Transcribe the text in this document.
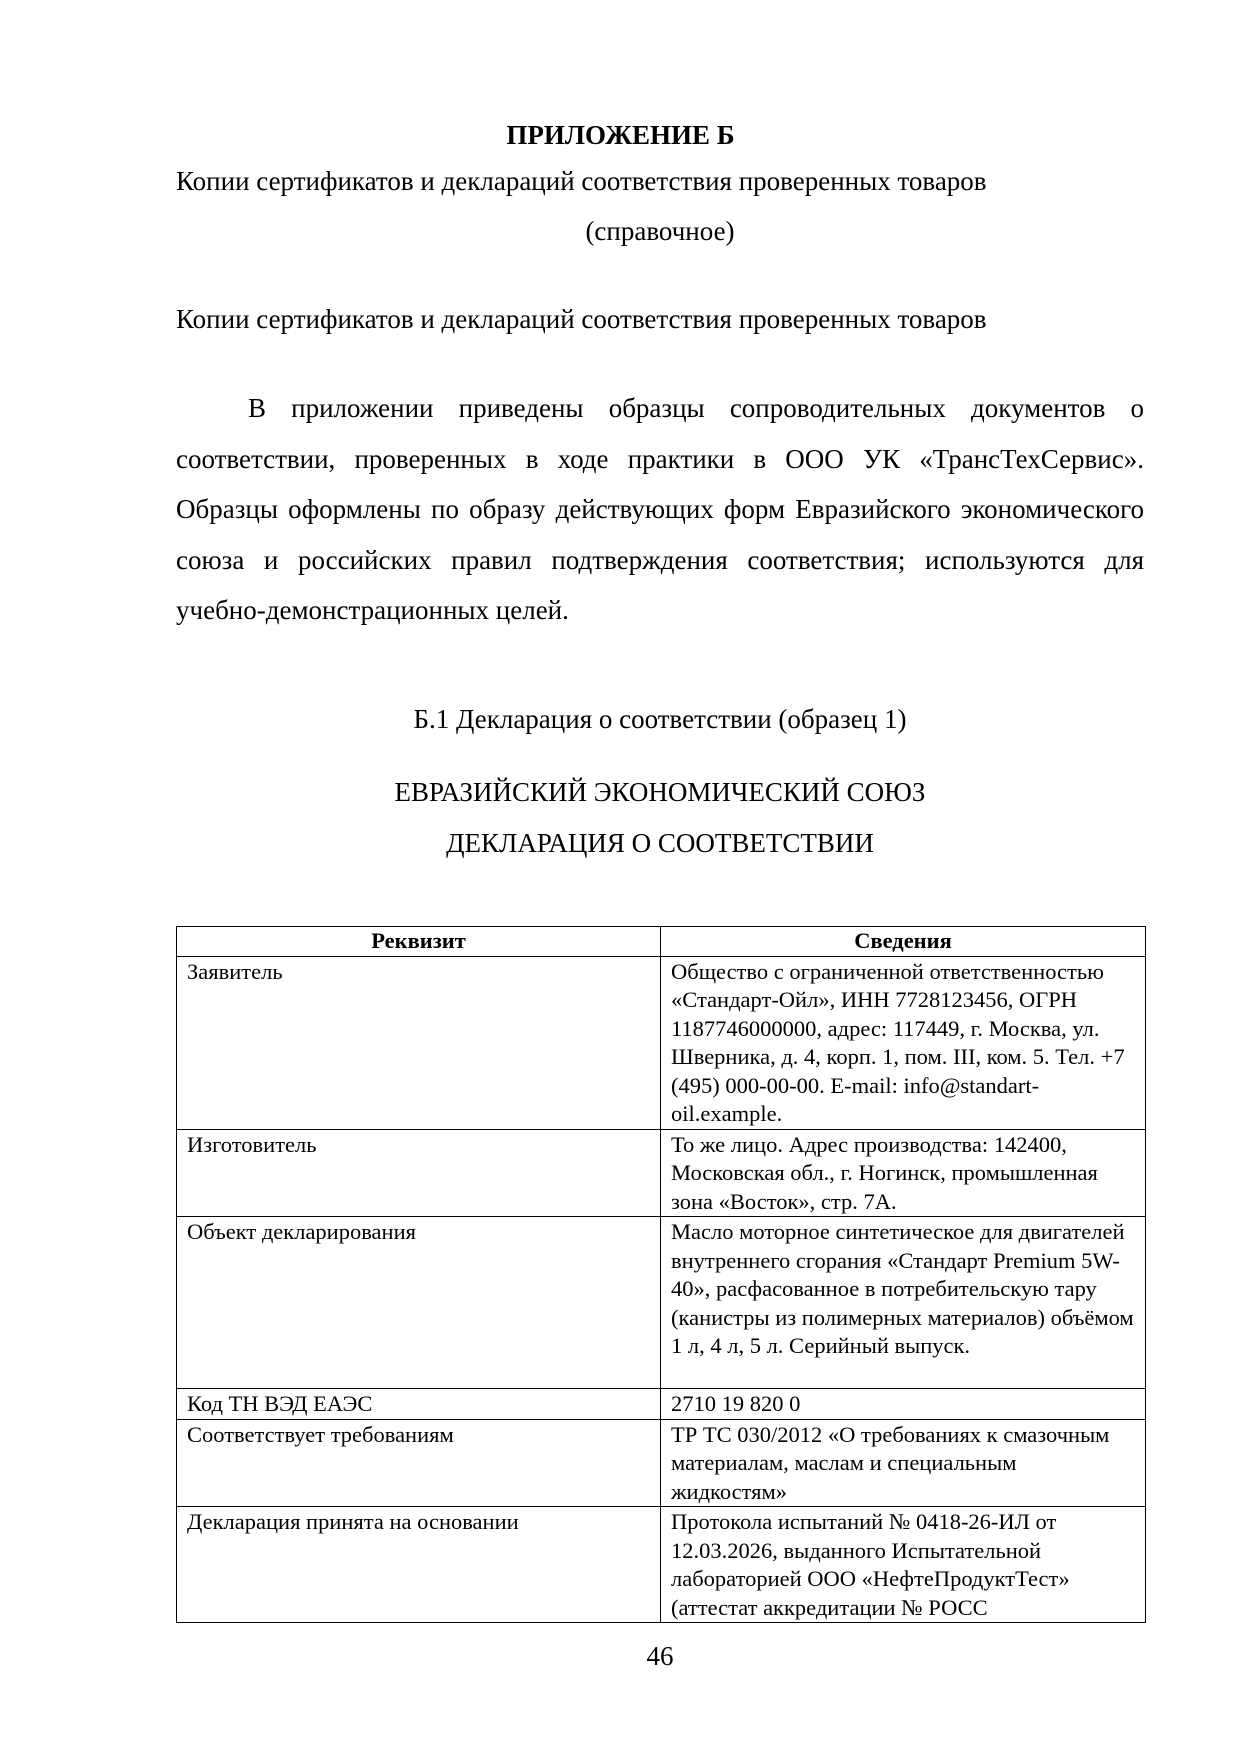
ПРИЛОЖЕНИЕ Б
Копии сертификатов и деклараций соответствия проверенных товаров
(справочное)
Копии сертификатов и деклараций соответствия проверенных товаров

В приложении приведены образцы сопроводительных документов о соответствии, проверенных в ходе практики в ООО УК «ТрансТехСервис». Образцы оформлены по образу действующих форм Евразийского экономического союза и российских правил подтверждения соответствия; используются для учебно-демонстрационных целей.

Б.1 Декларация о соответствии (образец 1)
ЕВРАЗИЙСКИЙ ЭКОНОМИЧЕСКИЙ СОЮЗ
ДЕКЛАРАЦИЯ О СООТВЕТСТВИИ
Реквизит	Сведения
Заявитель	Общество с ограниченной ответственностью «Стандарт-Ойл», ИНН 7728123456, ОГРН 1187746000000, адрес: 117449, г. Москва, ул. Шверника, д. 4, корп. 1, пом. III, ком. 5. Тел. +7 (495) 000-00-00. E-mail: info@standart-oil.example.
Изготовитель	То же лицо. Адрес производства: 142400, Московская обл., г. Ногинск, промышленная зона «Восток», стр. 7А.
Объект декларирования	Масло моторное синтетическое для двигателей внутреннего сгорания «Стандарт Premium 5W-40», расфасованное в потребительскую тару (канистры из полимерных материалов) объёмом 1 л, 4 л, 5 л. Серийный выпуск.
Код ТН ВЭД ЕАЭС	2710 19 820 0
Соответствует требованиям	ТР ТС 030/2012 «О требованиях к смазочным материалам, маслам и специальным жидкостям»
Декларация принята на основании	Протокола испытаний № 0418-26-ИЛ от 12.03.2026, выданного Испытательной лабораторией ООО «НефтеПродуктТест» (аттестат аккредитации № РОСС
46
